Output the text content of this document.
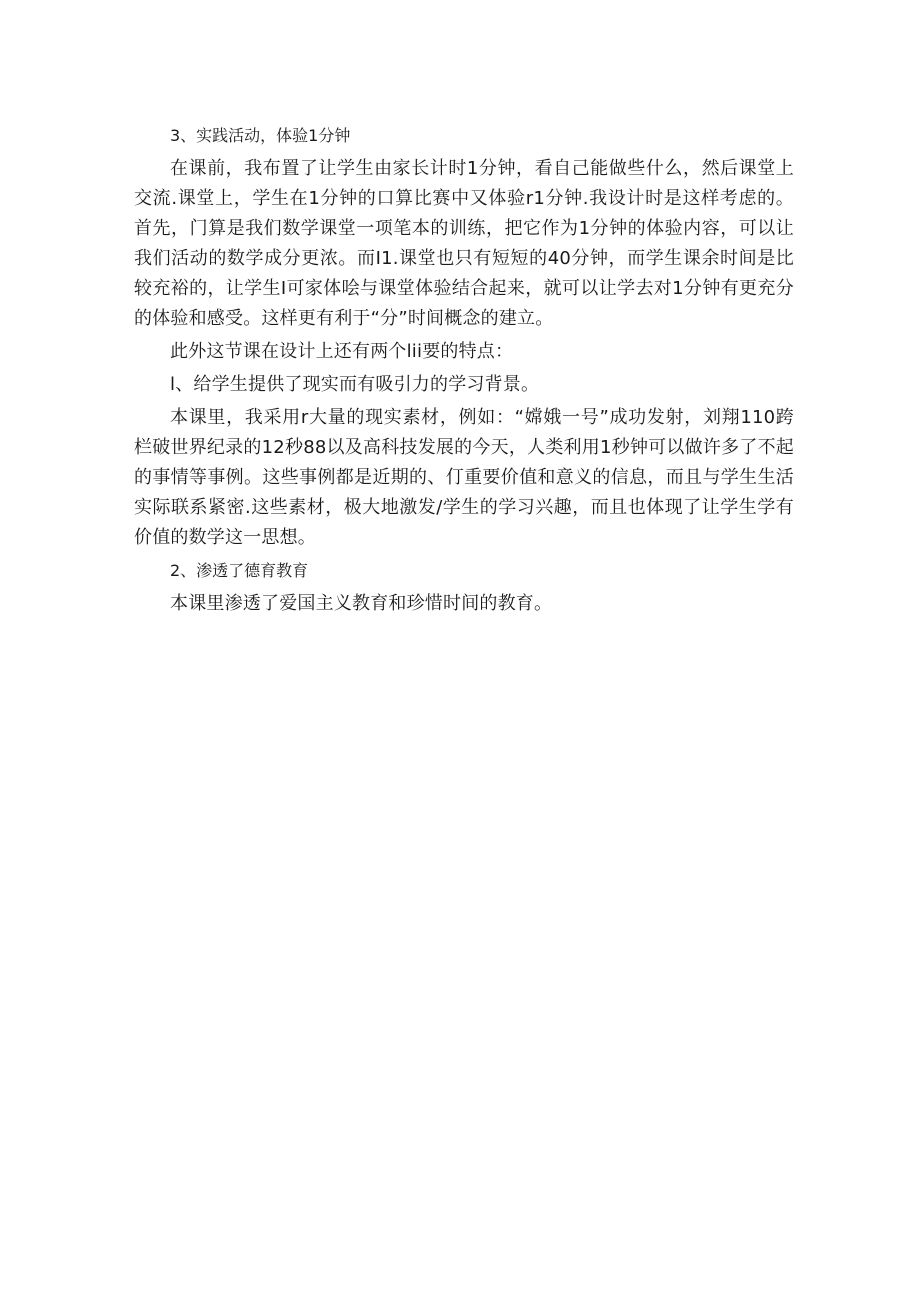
3、实践活动，体验1分钟

在课前，我布置了让学生由家长计时1分钟，看自己能做些什么，然后课堂上交流.课堂上，学生在1分钟的口算比赛中又体验r1分钟.我设计时是这样考虑的。首先，门算是我们数学课堂一项笔本的训练，把它作为1分钟的体验内容，可以让我们活动的数学成分更浓。而I1.课堂也只有短短的40分钟，而学生课余时间是比较充裕的，让学生I可家体哙与课堂体验结合起来，就可以让学去对1分钟有更充分的体验和感受。这样更有利于“分”时间概念的建立。

此外这节课在设计上还有两个lii要的特点：

l、给学生提供了现实而有吸引力的学习背景。

本课里，我采用r大量的现实素材，例如：“嫦娥一号”成功发射，刘翔110跨栏破世界纪录的12秒88以及高科技发展的今天，人类利用1秒钟可以做许多了不起的事情等事例。这些事例都是近期的、仃重要价值和意义的信息，而且与学生生活实际联系紧密.这些素材，极大地激发/学生的学习兴趣，而且也体现了让学生学有价值的数学这一思想。

2、渗透了德育教育

本课里渗透了爱国主义教育和珍惜时间的教育。
